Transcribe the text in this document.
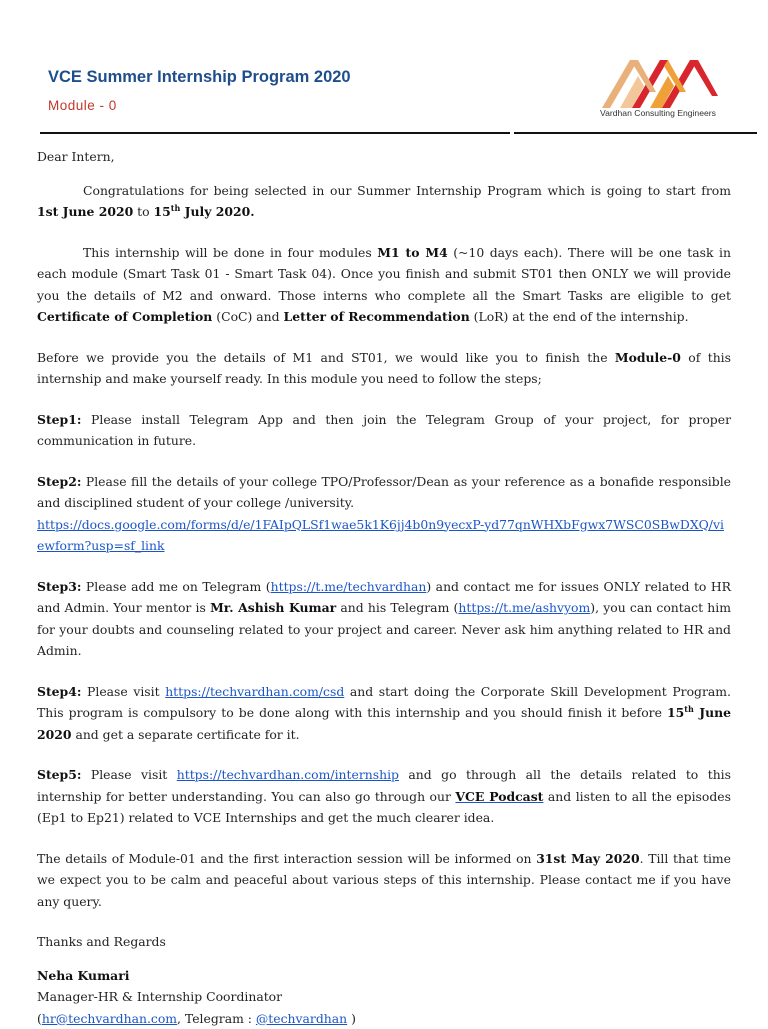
VCE Summer Internship Program 2020
Module - 0	Vardhan Consulting Engineers

Dear Intern,

Congratulations for being selected in our Summer Internship Program which is going to start from 1st June 2020 to 15th July 2020.

This internship will be done in four modules M1 to M4 (~10 days each). There will be one task in each module (Smart Task 01 - Smart Task 04). Once you finish and submit ST01 then ONLY we will provide you the details of M2 and onward. Those interns who complete all the Smart Tasks are eligible to get Certificate of Completion (CoC) and Letter of Recommendation (LoR) at the end of the internship.

Before we provide you the details of M1 and ST01, we would like you to finish the Module-0 of this internship and make yourself ready. In this module you need to follow the steps;

Step1: Please install Telegram App and then join the Telegram Group of your project, for proper communication in future.

Step2: Please fill the details of your college TPO/Professor/Dean as your reference as a bonafide responsible and disciplined student of your college /university.
https://docs.google.com/forms/d/e/1FAIpQLSf1wae5k1K6jj4b0n9yecxP-yd77qnWHXbFgwx7WSC0SBwDXQ/viewform?usp=sf_link

Step3: Please add me on Telegram (https://t.me/techvardhan) and contact me for issues ONLY related to HR and Admin. Your mentor is Mr. Ashish Kumar and his Telegram (https://t.me/ashvyom), you can contact him for your doubts and counseling related to your project and career. Never ask him anything related to HR and Admin.

Step4: Please visit https://techvardhan.com/csd and start doing the Corporate Skill Development Program. This program is compulsory to be done along with this internship and you should finish it before 15th June 2020 and get a separate certificate for it.

Step5: Please visit https://techvardhan.com/internship and go through all the details related to this internship for better understanding. You can also go through our VCE Podcast and listen to all the episodes (Ep1 to Ep21) related to VCE Internships and get the much clearer idea.

The details of Module-01 and the first interaction session will be informed on 31st May 2020. Till that time we expect you to be calm and peaceful about various steps of this internship. Please contact me if you have any query.

Thanks and Regards

Neha Kumari

Manager-HR & Internship Coordinator

(hr@techvardhan.com, Telegram : @techvardhan )
